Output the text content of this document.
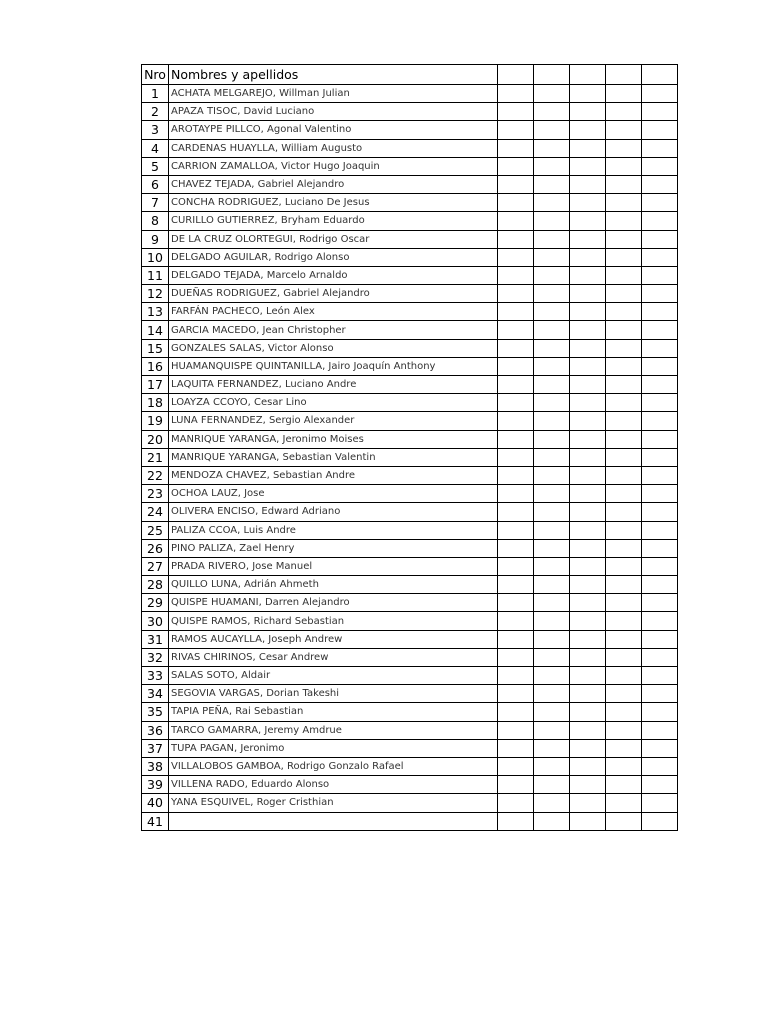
Nro	Nombres y apellidos					
1	ACHATA MELGAREJO, Willman Julian					
2	APAZA TISOC, David Luciano					
3	AROTAYPE PILLCO, Agonal Valentino					
4	CARDENAS HUAYLLA, William Augusto					
5	CARRION ZAMALLOA, Victor Hugo Joaquin					
6	CHAVEZ TEJADA, Gabriel Alejandro					
7	CONCHA RODRIGUEZ, Luciano De Jesus					
8	CURILLO GUTIERREZ, Bryham Eduardo					
9	DE LA CRUZ OLORTEGUI, Rodrigo Oscar					
10	DELGADO AGUILAR, Rodrigo Alonso					
11	DELGADO TEJADA, Marcelo Arnaldo					
12	DUEÑAS RODRIGUEZ, Gabriel Alejandro					
13	FARFÁN PACHECO, León Alex					
14	GARCIA MACEDO, Jean Christopher					
15	GONZALES SALAS, Victor Alonso					
16	HUAMANQUISPE QUINTANILLA, Jairo Joaquín Anthony					
17	LAQUITA FERNANDEZ, Luciano Andre					
18	LOAYZA CCOYO, Cesar Lino					
19	LUNA FERNANDEZ, Sergio Alexander					
20	MANRIQUE YARANGA, Jeronimo Moises					
21	MANRIQUE YARANGA, Sebastian Valentin					
22	MENDOZA CHAVEZ, Sebastian Andre					
23	OCHOA LAUZ, Jose					
24	OLIVERA ENCISO, Edward Adriano					
25	PALIZA CCOA, Luis Andre					
26	PINO PALIZA, Zael Henry					
27	PRADA RIVERO, Jose Manuel					
28	QUILLO LUNA, Adrián Ahmeth					
29	QUISPE HUAMANI, Darren Alejandro					
30	QUISPE RAMOS, Richard Sebastian					
31	RAMOS AUCAYLLA, Joseph Andrew					
32	RIVAS CHIRINOS, Cesar Andrew					
33	SALAS SOTO, Aldair					
34	SEGOVIA VARGAS, Dorian Takeshi					
35	TAPIA PEÑA, Rai Sebastian					
36	TARCO GAMARRA, Jeremy Amdrue					
37	TUPA PAGAN, Jeronimo					
38	VILLALOBOS GAMBOA, Rodrigo Gonzalo Rafael					
39	VILLENA RADO, Eduardo Alonso					
40	YANA ESQUIVEL, Roger Cristhian					
41						
